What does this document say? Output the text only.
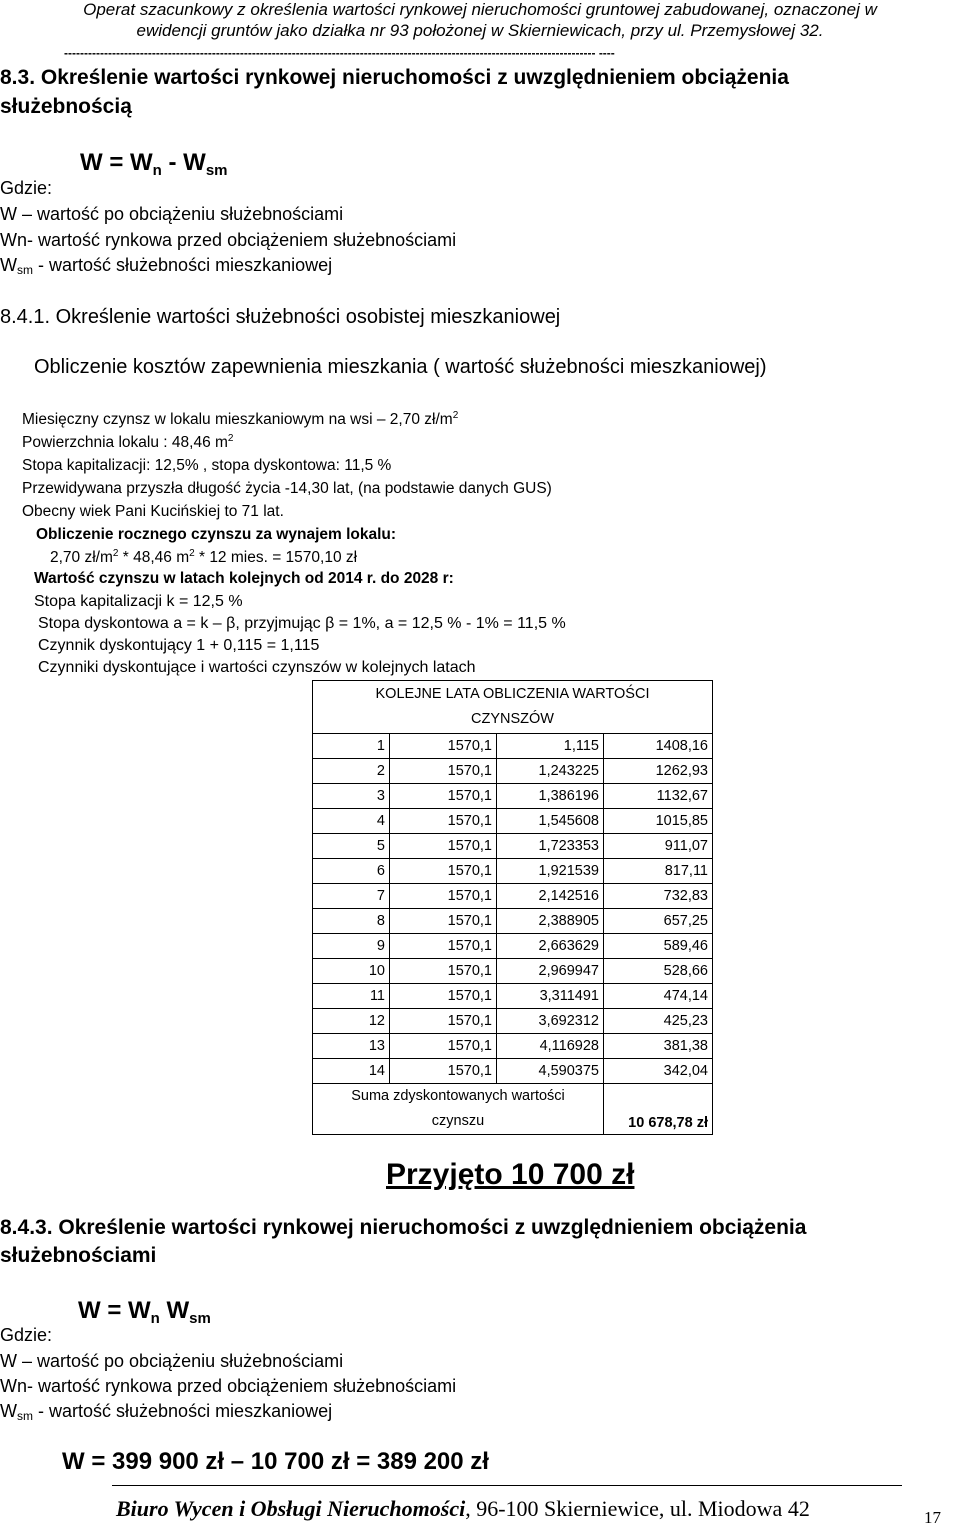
Operat szacunkowy z określenia wartości rynkowej nieruchomości gruntowej zabudowanej, oznaczonej w
ewidencji gruntów jako działka nr 93 położonej w Skierniewicach, przy ul. Przemysłowej 32.
------------------------------------------------------------------------------------------------------------------------------------- ----
8.3. Określenie wartości rynkowej nieruchomości z uwzględnieniem obciążenia
służebnością
$W = W_n - W_{sm}$
Gdzie:
W – wartość po obciążeniu służebnościami
Wn- wartość rynkowa przed obciążeniem służebnościami
$W_{sm}$ - wartość służebności mieszkaniowej
8.4.1. Określenie wartości służebności osobistej mieszkaniowej
Obliczenie kosztów zapewnienia mieszkania ( wartość służebności mieszkaniowej)
Miesięczny czynsz w lokalu mieszkaniowym na wsi – 2,70 $zł/m^2$
Powierzchnia lokalu : 48,46 $m^2$
Stopa kapitalizacji: 12,5% , stopa dyskontowa: 11,5 %
Przewidywana przyszła długość życia -14,30 lat, (na podstawie danych GUS)
Obecny wiek Pani Kucińskiej to 71 lat.
Obliczenie rocznego czynszu za wynajem lokalu:
2,70 $zł/m^2 * 48,46$ $m^2 * 12$ mies. = 1570,10 zł
Wartość czynszu w latach kolejnych od 2014 r. do 2028 r:
Stopa kapitalizacji k = 12,5 %
Stopa dyskontowa a = k – β, przyjmując β = 1%, a = 12,5 % - 1% = 11,5 %
Czynnik dyskontujący 1 + 0,115 = 1,115
Czynniki dyskontujące i wartości czynszów w kolejnych latach
KOLEJNE LATA OBLICZENIA WARTOŚCI
CZYNSZÓW			

1	1570,1	1,115	1408,16
2	1570,1	1,243225	1262,93
3	1570,1	1,386196	1132,67
4	1570,1	1,545608	1015,85
5	1570,1	1,723353	911,07
6	1570,1	1,921539	817,11
7	1570,1	2,142516	732,83
8	1570,1	2,388905	657,25
9	1570,1	2,663629	589,46
10	1570,1	2,969947	528,66
11	1570,1	3,311491	474,14
12	1570,1	3,692312	425,23
13	1570,1	4,116928	381,38
14	1570,1	4,590375	342,04

Suma zdyskontowanych wartości
czynszu			10 678,78 zł
Przyjęto 10 700 zł
8.4.3. Określenie wartości rynkowej nieruchomości z uwzględnieniem obciążenia
służebnościami
$W = W_n$ $W_{sm}$
Gdzie:
W – wartość po obciążeniu służebnościami
Wn- wartość rynkowa przed obciążeniem służebnościami
$W_{sm}$ - wartość służebności mieszkaniowej
W = 399 900 zł – 10 700 zł = 389 200 zł
Biuro Wycen i Obsługi Nieruchomości, 96-100 Skierniewice, ul. Miodowa 42	17
